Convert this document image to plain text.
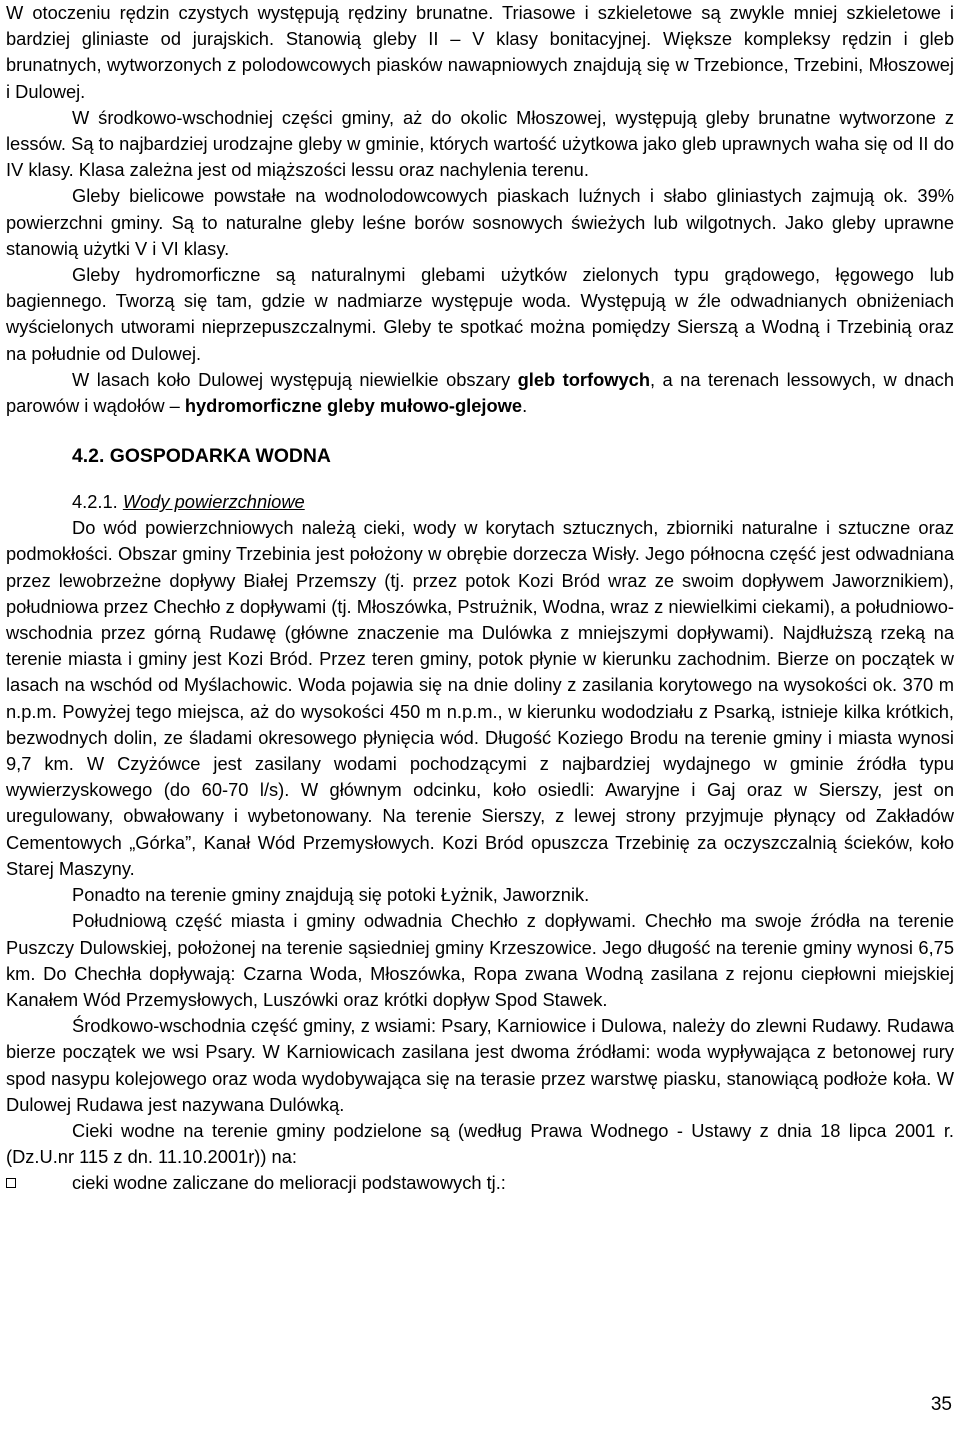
W otoczeniu rędzin czystych występują rędziny brunatne. Triasowe i szkieletowe są zwykle mniej szkieletowe i bardziej gliniaste od jurajskich. Stanowią gleby II – V klasy bonitacyjnej. Większe kompleksy rędzin i gleb brunatnych, wytworzonych z polodowcowych piasków nawapniowych znajdują się w Trzebionce, Trzebini, Młoszowej i Dulowej.

W środkowo-wschodniej części gminy, aż do okolic Młoszowej, występują gleby brunatne wytworzone z lessów. Są to najbardziej urodzajne gleby w gminie, których wartość użytkowa jako gleb uprawnych waha się od II do IV klasy. Klasa zależna jest od miąższości lessu oraz nachylenia terenu.

Gleby bielicowe powstałe na wodnolodowcowych piaskach luźnych i słabo gliniastych zajmują ok. 39% powierzchni gminy. Są to naturalne gleby leśne borów sosnowych świeżych lub wilgotnych. Jako gleby uprawne stanowią użytki V i VI klasy.

Gleby hydromorficzne są naturalnymi glebami użytków zielonych typu grądowego, łęgowego lub bagiennego. Tworzą się tam, gdzie w nadmiarze występuje woda. Występują w źle odwadnianych obniżeniach wyścielonych utworami nieprzepuszczalnymi. Gleby te spotkać można pomiędzy Sierszą a Wodną i Trzebinią oraz na południe od Dulowej.

W lasach koło Dulowej występują niewielkie obszary gleb torfowych, a na terenach lessowych, w dnach parowów i wądołów – hydromorficzne gleby mułowo-glejowe.

4.2. GOSPODARKA WODNA
4.2.1. Wody powierzchniowe

Do wód powierzchniowych należą cieki, wody w korytach sztucznych, zbiorniki naturalne i sztuczne oraz podmokłości. Obszar gminy Trzebinia jest położony w obrębie dorzecza Wisły. Jego północna część jest odwadniana przez lewobrzeżne dopływy Białej Przemszy (tj. przez potok Kozi Bród wraz ze swoim dopływem Jaworznikiem), południowa przez Chechło z dopływami (tj. Młoszówka, Pstrużnik, Wodna, wraz z niewielkimi ciekami), a południowo-wschodnia przez górną Rudawę (główne znaczenie ma Dulówka z mniejszymi dopływami). Najdłuższą rzeką na terenie miasta i gminy jest Kozi Bród. Przez teren gminy, potok płynie w kierunku zachodnim. Bierze on początek w lasach na wschód od Myślachowic. Woda pojawia się na dnie doliny z zasilania korytowego na wysokości ok. 370 m n.p.m. Powyżej tego miejsca, aż do wysokości 450 m n.p.m., w kierunku wododziału z Psarką, istnieje kilka krótkich, bezwodnych dolin, ze śladami okresowego płynięcia wód. Długość Koziego Brodu na terenie gminy i miasta wynosi 9,7 km. W Czyżówce jest zasilany wodami pochodzącymi z najbardziej wydajnego w gminie źródła typu wywierzyskowego (do 60-70 l/s). W głównym odcinku, koło osiedli: Awaryjne i Gaj oraz w Sierszy, jest on uregulowany, obwałowany i wybetonowany. Na terenie Sierszy, z lewej strony przyjmuje płynący od Zakładów Cementowych „Górka”, Kanał Wód Przemysłowych. Kozi Bród opuszcza Trzebinię za oczyszczalnią ścieków, koło Starej Maszyny.

Ponadto na terenie gminy znajdują się potoki Łyżnik, Jaworznik.

Południową część miasta i gminy odwadnia Chechło z dopływami. Chechło ma swoje źródła na terenie Puszczy Dulowskiej, położonej na terenie sąsiedniej gminy Krzeszowice. Jego długość na terenie gminy wynosi 6,75 km. Do Chechła dopływają: Czarna Woda, Młoszówka, Ropa zwana Wodną zasilana z rejonu ciepłowni miejskiej Kanałem Wód Przemysłowych, Luszówki oraz krótki dopływ Spod Stawek.

Środkowo-wschodnia część gminy, z wsiami: Psary, Karniowice i Dulowa, należy do zlewni Rudawy. Rudawa bierze początek we wsi Psary. W Karniowicach zasilana jest dwoma źródłami: woda wypływająca z betonowej rury spod nasypu kolejowego oraz woda wydobywająca się na terasie przez warstwę piasku, stanowiącą podłoże koła. W Dulowej Rudawa jest nazywana Dulówką.

Cieki wodne na terenie gminy podzielone są (według Prawa Wodnego - Ustawy z dnia 18 lipca 2001 r. (Dz.U.nr 115 z dn. 11.10.2001r)) na:

cieki wodne zaliczane do melioracji podstawowych tj.:
35
